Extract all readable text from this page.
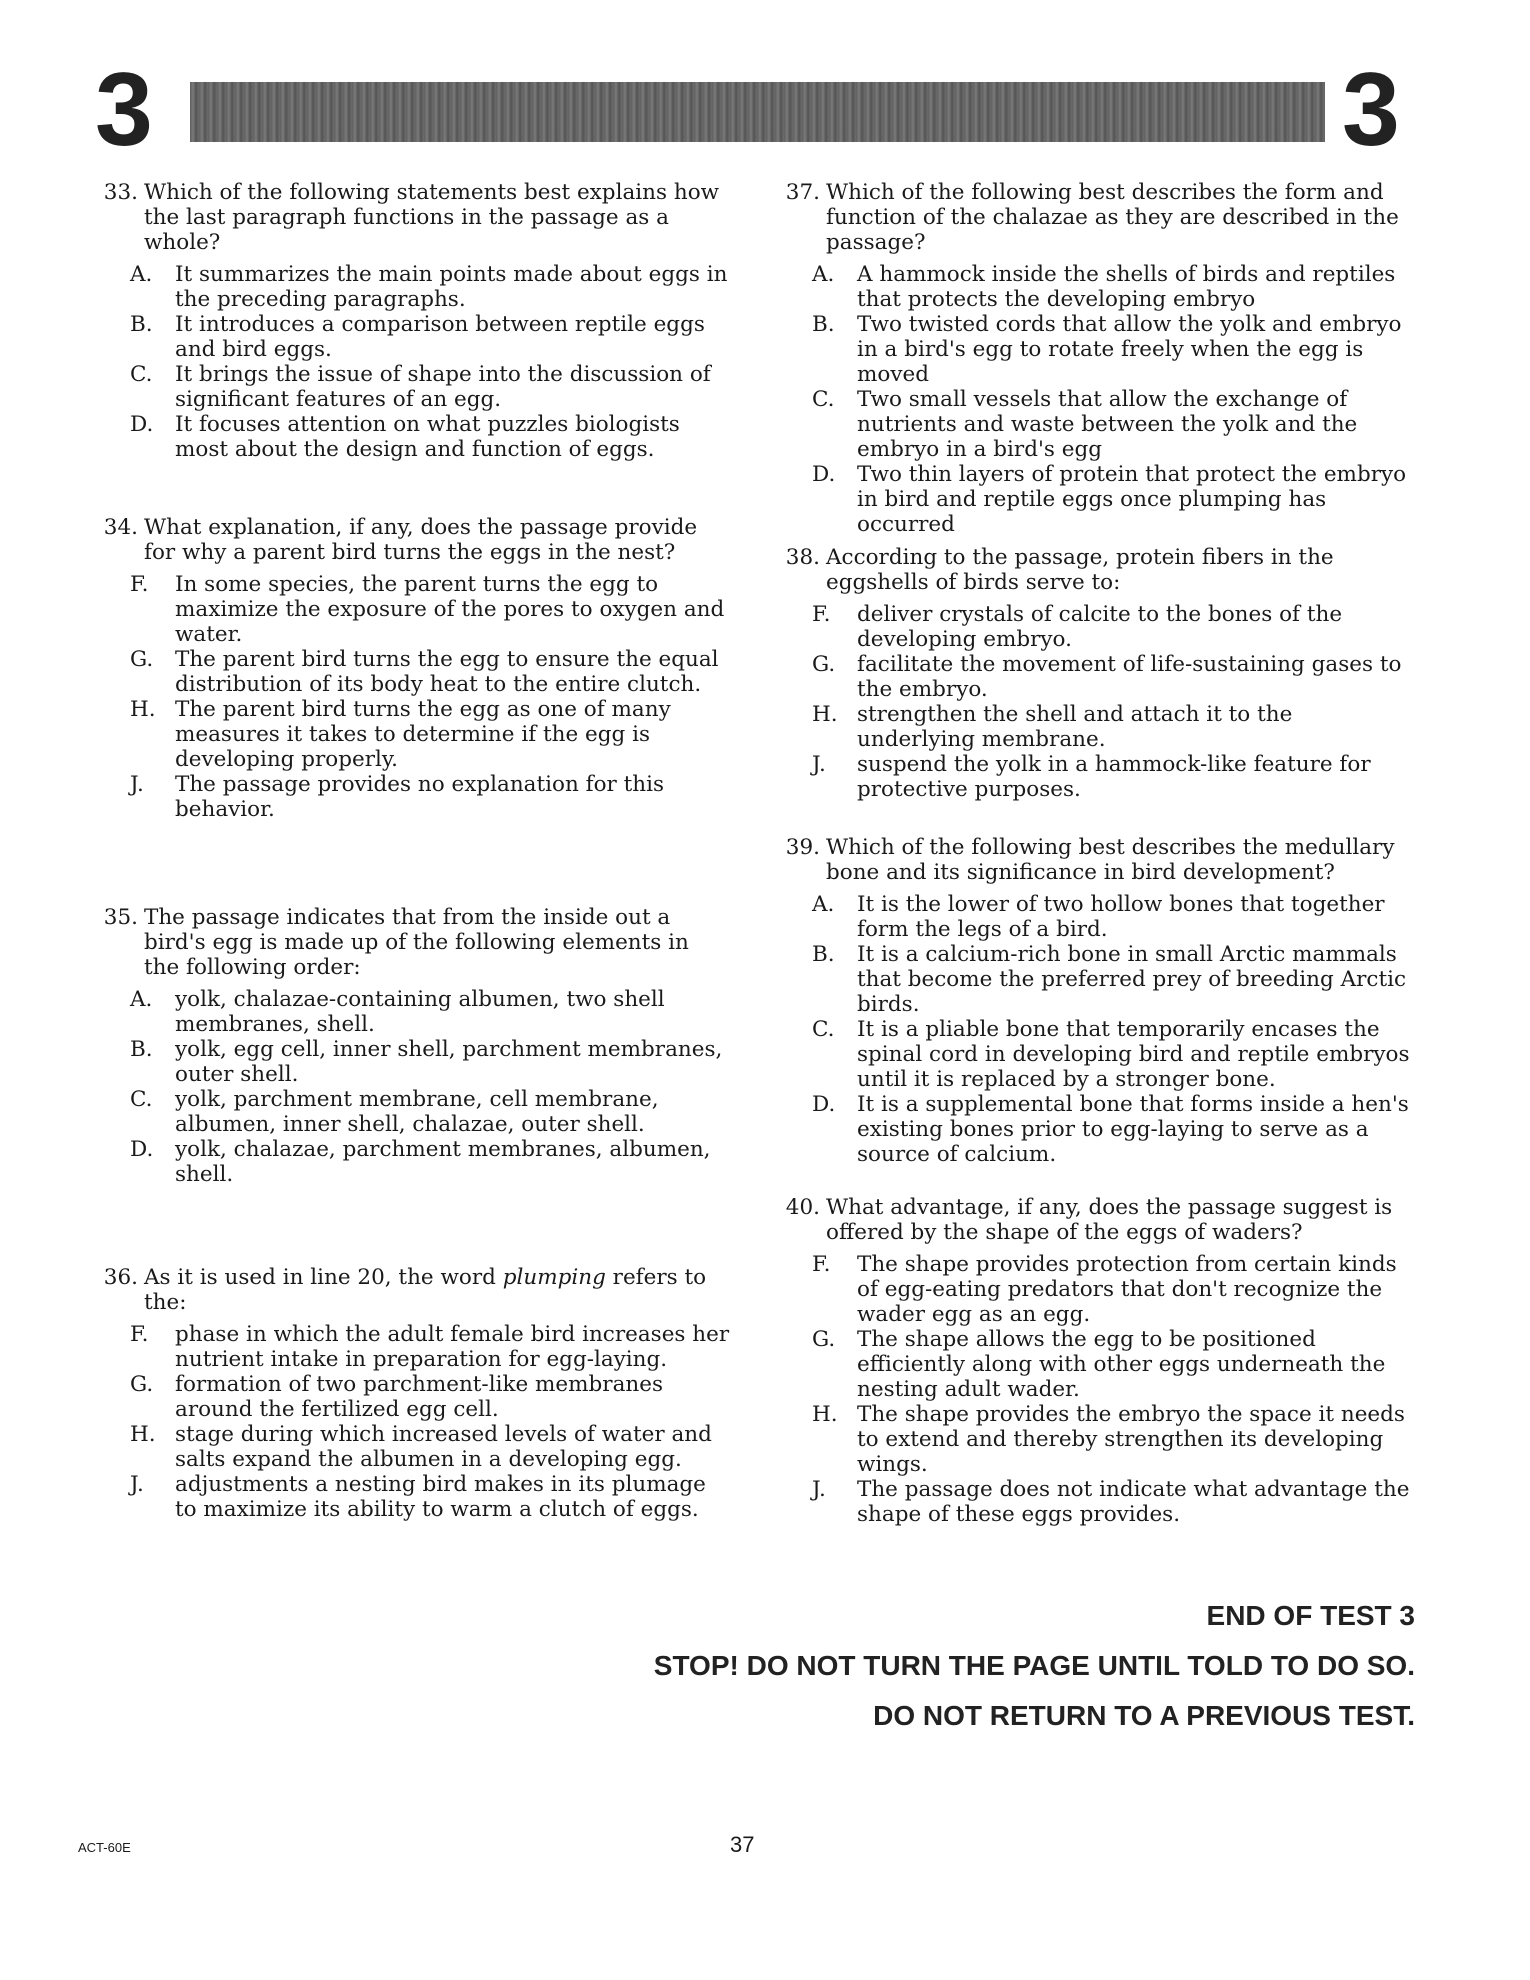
3	3
33. Which of the following statements best explains how the last paragraph functions in the passage as a whole?
A.	It summarizes the main points made about eggs in the preceding paragraphs.
B.	It introduces a comparison between reptile eggs and bird eggs.
C.	It brings the issue of shape into the discussion of significant features of an egg.
D.	It focuses attention on what puzzles biologists most about the design and function of eggs.
34. What explanation, if any, does the passage provide for why a parent bird turns the eggs in the nest?
F.	In some species, the parent turns the egg to maximize the exposure of the pores to oxygen and water.
G.	The parent bird turns the egg to ensure the equal distribution of its body heat to the entire clutch.
H. The parent bird turns the egg as one of many measures it takes to determine if the egg is developing properly.
J.	The passage provides no explanation for this behavior.
35. The passage indicates that from the inside out a bird's egg is made up of the following elements in the following order:
A.	yolk, chalazae-containing albumen, two shell membranes, shell.
B.	yolk, egg cell, inner shell, parchment membranes, outer shell.
C.	yolk, parchment membrane, cell membrane, albumen, inner shell, chalazae, outer shell.
D.	yolk, chalazae, parchment membranes, albumen, shell.
36. As it is used in line 20, the word plumping refers to the:
F.	phase in which the adult female bird increases her nutrient intake in preparation for egg-laying.
G.	formation of two parchment-like membranes around the fertilized egg cell.
H. stage during which increased levels of water and salts expand the albumen in a developing egg.
J.	adjustments a nesting bird makes in its plumage to maximize its ability to warm a clutch of eggs.
37. Which of the following best describes the form and function of the chalazae as they are described in the passage?
A.	A hammock inside the shells of birds and reptiles that protects the developing embryo
B.	Two twisted cords that allow the yolk and embryo in a bird's egg to rotate freely when the egg is moved
C.	Two small vessels that allow the exchange of nutrients and waste between the yolk and the embryo in a bird's egg
D.	Two thin layers of protein that protect the embryo in bird and reptile eggs once plumping has occurred
38. According to the passage, protein fibers in the eggshells of birds serve to:
F.	deliver crystals of calcite to the bones of the developing embryo.
G.	facilitate the movement of life-sustaining gases to the embryo.
H. strengthen the shell and attach it to the underlying membrane.
J.	suspend the yolk in a hammock-like feature for protective purposes.
39. Which of the following best describes the medullary bone and its significance in bird development?
A.	It is the lower of two hollow bones that together form the legs of a bird.
B.	It is a calcium-rich bone in small Arctic mammals that become the preferred prey of breeding Arctic birds.
C.	It is a pliable bone that temporarily encases the spinal cord in developing bird and reptile embryos until it is replaced by a stronger bone.
D.	It is a supplemental bone that forms inside a hen's existing bones prior to egg-laying to serve as a source of calcium.
40. What advantage, if any, does the passage suggest is offered by the shape of the eggs of waders?
F.	The shape provides protection from certain kinds of egg-eating predators that don't recognize the wader egg as an egg.
G.	The shape allows the egg to be positioned efficiently along with other eggs underneath the nesting adult wader.
H. The shape provides the embryo the space it needs to extend and thereby strengthen its developing wings.
J.	The passage does not indicate what advantage the shape of these eggs provides.
END OF TEST 3
STOP! DO NOT TURN THE PAGE UNTIL TOLD TO DO SO.
DO NOT RETURN TO A PREVIOUS TEST.
ACT-60E	37
